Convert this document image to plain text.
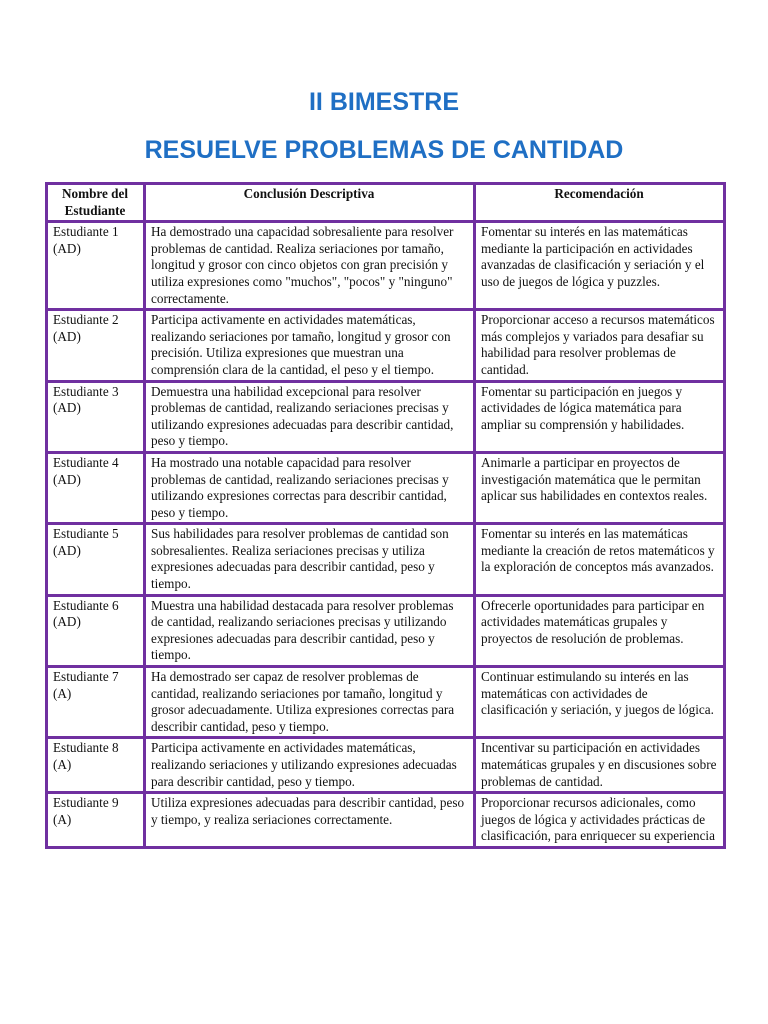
II BIMESTRE
RESUELVE PROBLEMAS DE CANTIDAD
Nombre del Estudiante	Conclusión Descriptiva	Recomendación

Estudiante 1
(AD)	Ha demostrado una capacidad sobresaliente para resolver problemas de cantidad. Realiza seriaciones por tamaño, longitud y grosor con cinco objetos con gran precisión y utiliza expresiones como "muchos", "pocos" y "ninguno" correctamente.	Fomentar su interés en las matemáticas mediante la participación en actividades avanzadas de clasificación y seriación y el uso de juegos de lógica y puzzles.

Estudiante 2
(AD)	Participa activamente en actividades matemáticas, realizando seriaciones por tamaño, longitud y grosor con precisión. Utiliza expresiones que muestran una comprensión clara de la cantidad, el peso y el tiempo.	Proporcionar acceso a recursos matemáticos más complejos y variados para desafiar su habilidad para resolver problemas de cantidad.

Estudiante 3
(AD)	Demuestra una habilidad excepcional para resolver problemas de cantidad, realizando seriaciones precisas y utilizando expresiones adecuadas para describir cantidad, peso y tiempo.	Fomentar su participación en juegos y actividades de lógica matemática para ampliar su comprensión y habilidades.

Estudiante 4
(AD)	Ha mostrado una notable capacidad para resolver problemas de cantidad, realizando seriaciones precisas y utilizando expresiones correctas para describir cantidad, peso y tiempo.	Animarle a participar en proyectos de investigación matemática que le permitan aplicar sus habilidades en contextos reales.

Estudiante 5
(AD)	Sus habilidades para resolver problemas de cantidad son sobresalientes. Realiza seriaciones precisas y utiliza expresiones adecuadas para describir cantidad, peso y tiempo.	Fomentar su interés en las matemáticas mediante la creación de retos matemáticos y la exploración de conceptos más avanzados.

Estudiante 6
(AD)	Muestra una habilidad destacada para resolver problemas de cantidad, realizando seriaciones precisas y utilizando expresiones adecuadas para describir cantidad, peso y tiempo.	Ofrecerle oportunidades para participar en actividades matemáticas grupales y proyectos de resolución de problemas.

Estudiante 7
(A)	Ha demostrado ser capaz de resolver problemas de cantidad, realizando seriaciones por tamaño, longitud y grosor adecuadamente. Utiliza expresiones correctas para describir cantidad, peso y tiempo.	Continuar estimulando su interés en las matemáticas con actividades de clasificación y seriación, y juegos de lógica.

Estudiante 8
(A)	Participa activamente en actividades matemáticas, realizando seriaciones y utilizando expresiones adecuadas para describir cantidad, peso y tiempo.	Incentivar su participación en actividades matemáticas grupales y en discusiones sobre problemas de cantidad.

Estudiante 9
(A)	Utiliza expresiones adecuadas para describir cantidad, peso y tiempo, y realiza seriaciones correctamente.	Proporcionar recursos adicionales, como juegos de lógica y actividades prácticas de clasificación, para enriquecer su experiencia
